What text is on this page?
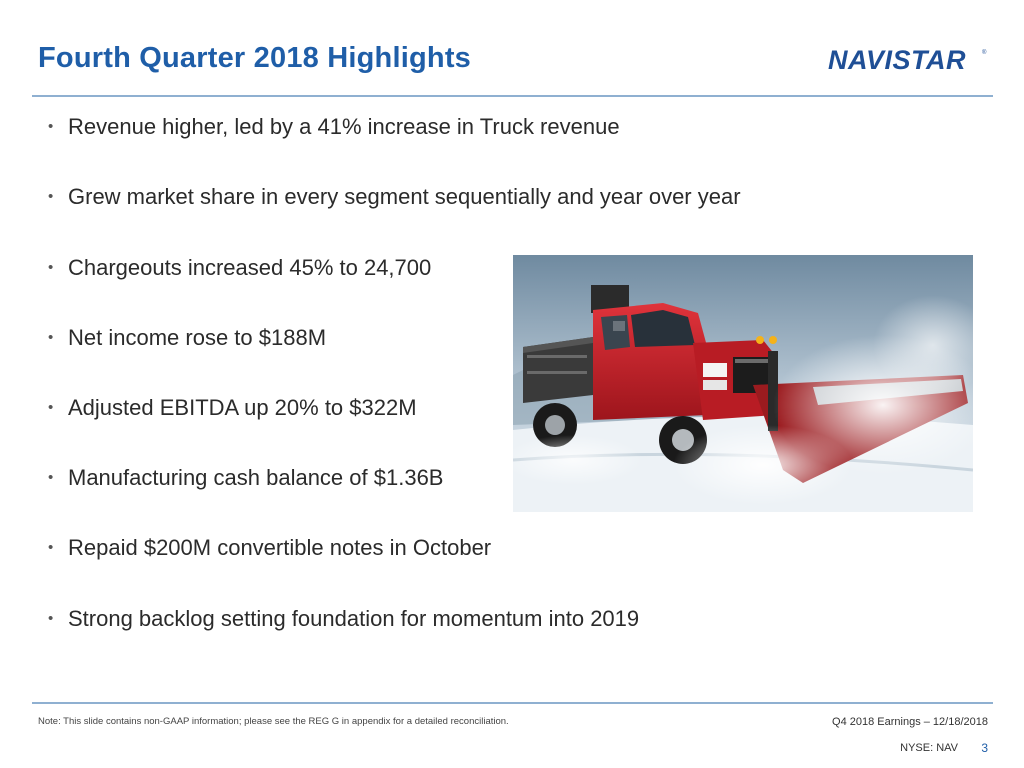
Fourth Quarter 2018 Highlights	NAVISTAR	®
• Revenue higher, led by a 41% increase in Truck revenue
• Grew market share in every segment sequentially and year over year
• Chargeouts increased 45% to 24,700
• Net income rose to $188M
• Adjusted EBITDA up 20% to $322M
• Manufacturing cash balance of $1.36B
• Repaid $200M convertible notes in October
• Strong backlog setting foundation for momentum into 2019
Note: This slide contains non-GAAP information; please see the REG G in appendix for a detailed reconciliation.	Q4 2018 Earnings – 12/18/2018
NYSE: NAV 3
